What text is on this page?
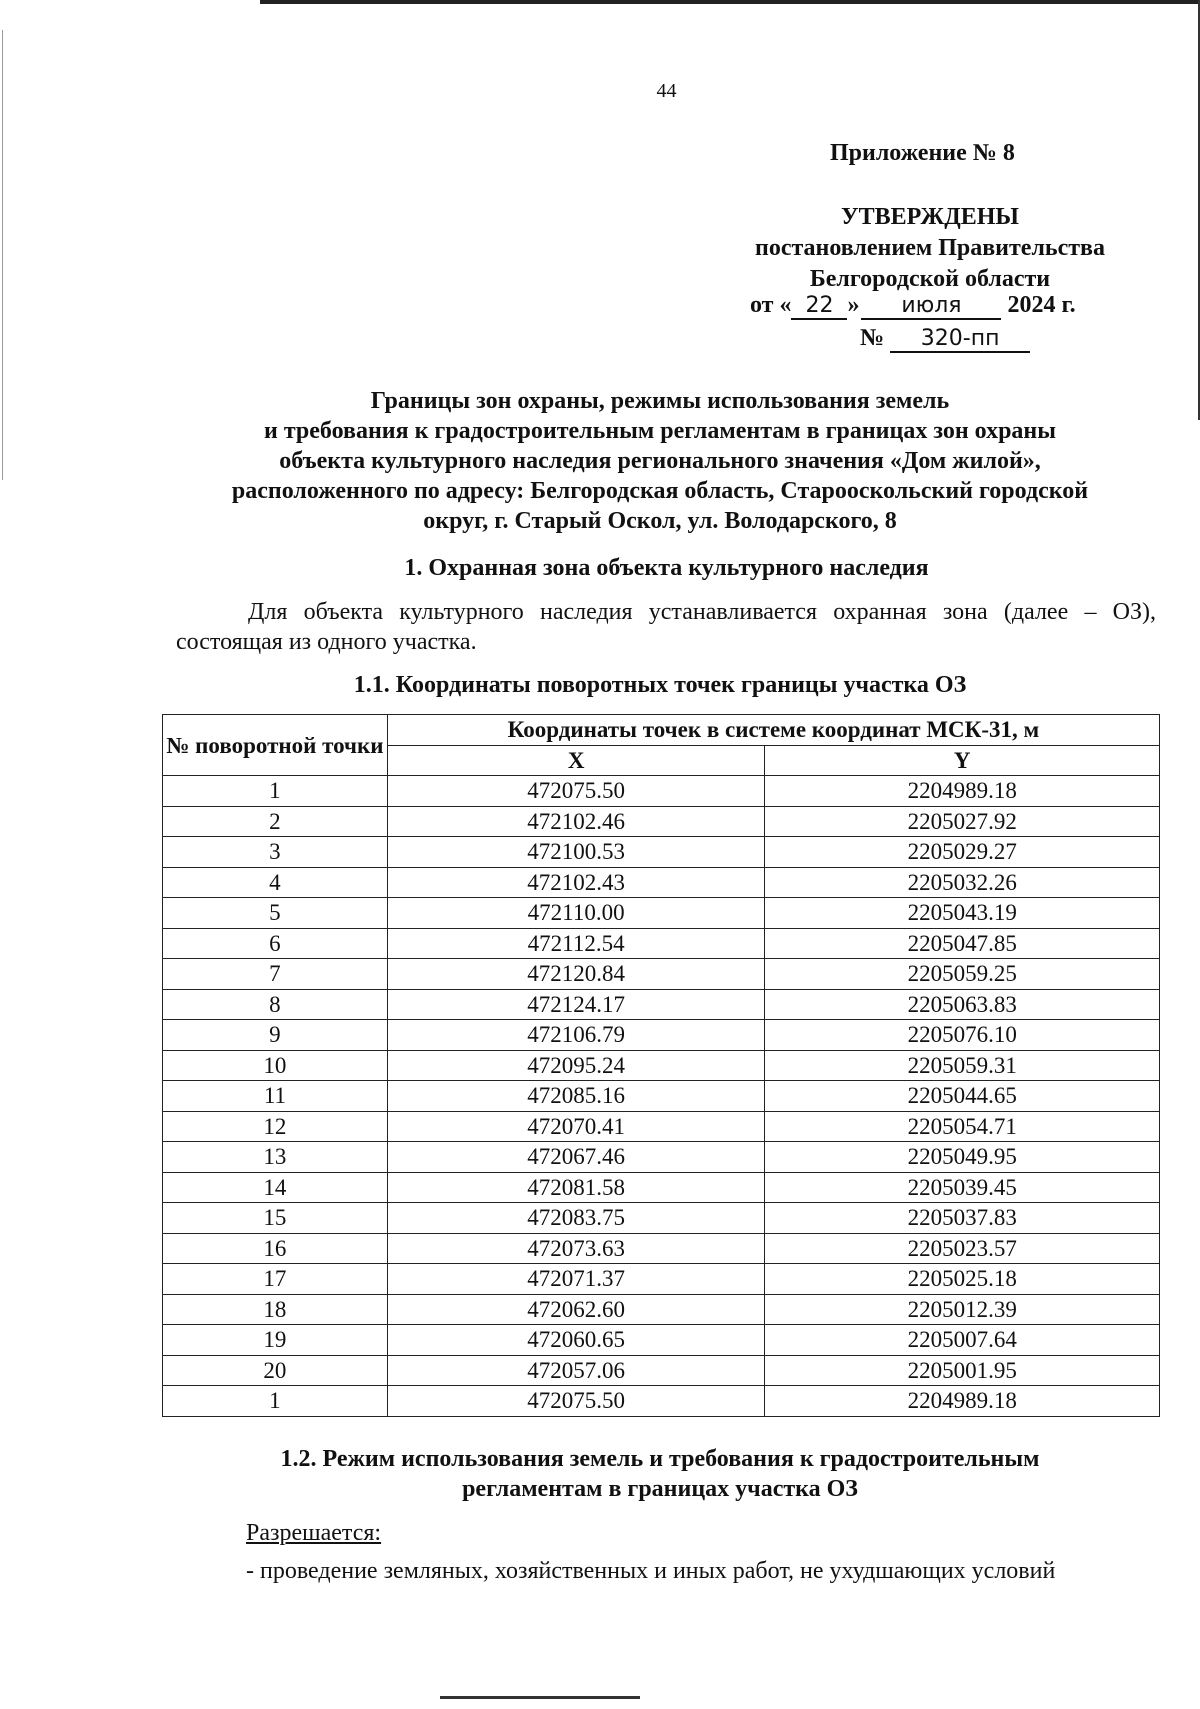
44
Приложение № 8
УТВЕРЖДЕНЫ
постановлением Правительства
Белгородской области
от « 22 » июля 2024 г.
№ 320-пп
Границы зон охраны, режимы использования земель
и требования к градостроительным регламентам в границах зон охраны
объекта культурного наследия регионального значения «Дом жилой»,
расположенного по адресу: Белгородская область, Старооскольский городской
округ, г. Старый Оскол, ул. Володарского, 8
1. Охранная зона объекта культурного наследия
Для объекта культурного наследия устанавливается охранная зона (далее – ОЗ), состоящая из одного участка.
1.1. Координаты поворотных точек границы участка ОЗ
№ поворотной точки	Координаты точек в системе координат МСК-31, м	
	X	Y
1	472075.50	2204989.18
2	472102.46	2205027.92
3	472100.53	2205029.27
4	472102.43	2205032.26
5	472110.00	2205043.19
6	472112.54	2205047.85
7	472120.84	2205059.25
8	472124.17	2205063.83
9	472106.79	2205076.10
10	472095.24	2205059.31
11	472085.16	2205044.65
12	472070.41	2205054.71
13	472067.46	2205049.95
14	472081.58	2205039.45
15	472083.75	2205037.83
16	472073.63	2205023.57
17	472071.37	2205025.18
18	472062.60	2205012.39
19	472060.65	2205007.64
20	472057.06	2205001.95
1	472075.50	2204989.18
1.2. Режим использования земель и требования к градостроительным
регламентам в границах участка ОЗ
Разрешается:
- проведение земляных, хозяйственных и иных работ, не ухудшающих условий
